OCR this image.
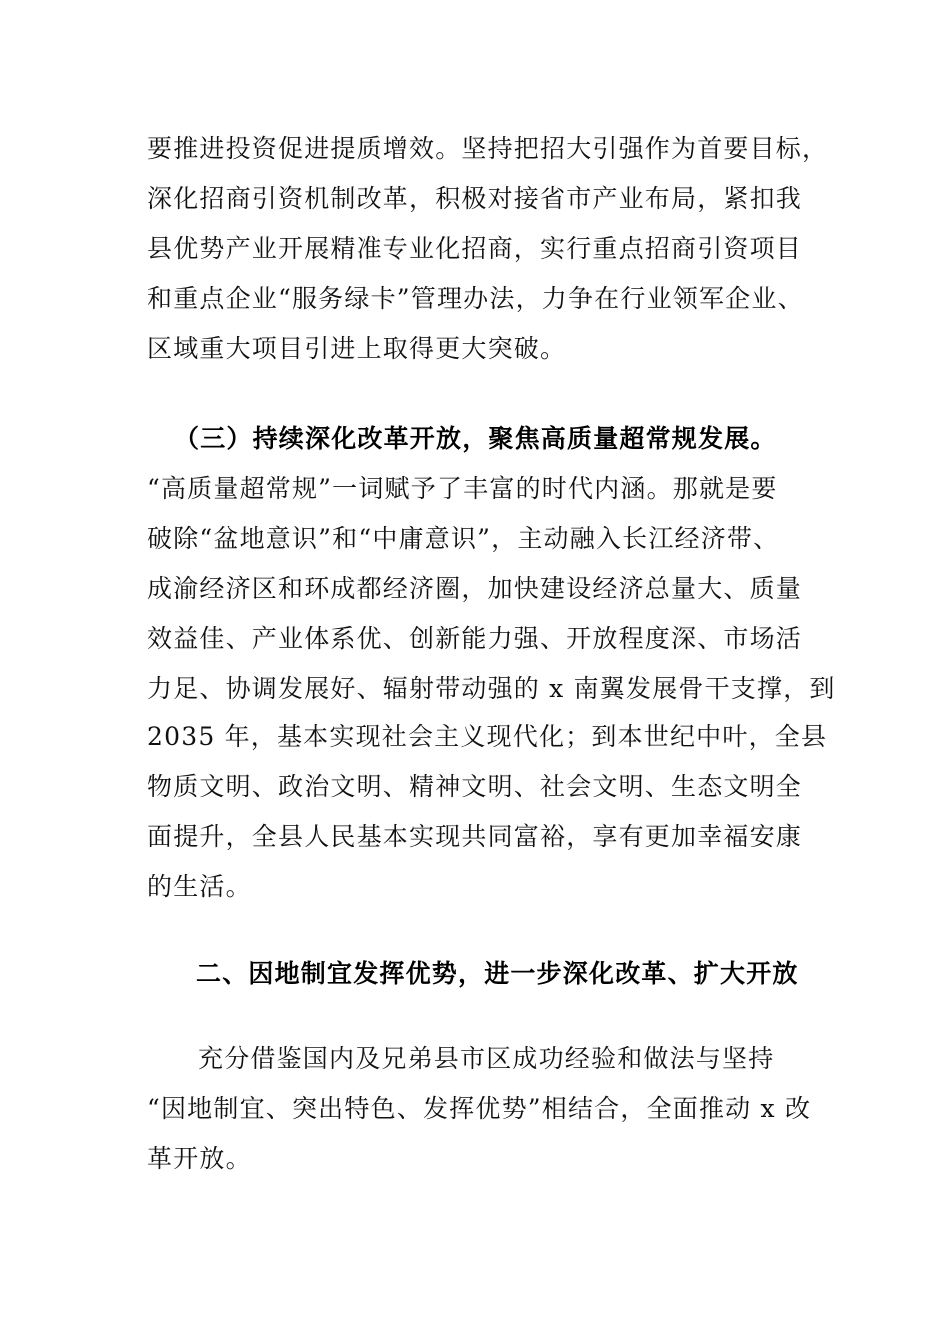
要推进投资促进提质增效。坚持把招大引强作为首要目标，
深化招商引资机制改革，积极对接省市产业布局，紧扣我
县优势产业开展精准专业化招商，实行重点招商引资项目
和重点企业“服务绿卡”管理办法，力争在行业领军企业、
区域重大项目引进上取得更大突破。
（三）持续深化改革开放，聚焦高质量超常规发展。
“高质量超常规”一词赋予了丰富的时代内涵。那就是要
破除“盆地意识”和“中庸意识”，主动融入长江经济带、
成渝经济区和环成都经济圈，加快建设经济总量大、质量
效益佳、产业体系优、创新能力强、开放程度深、市场活
力足、协调发展好、辐射带动强的 x 南翼发展骨干支撑，到
2035 年，基本实现社会主义现代化；到本世纪中叶，全县
物质文明、政治文明、精神文明、社会文明、生态文明全
面提升，全县人民基本实现共同富裕，享有更加幸福安康
的生活。
二、因地制宜发挥优势，进一步深化改革、扩大开放
充分借鉴国内及兄弟县市区成功经验和做法与坚持
“因地制宜、突出特色、发挥优势”相结合，全面推动 x 改
革开放。
